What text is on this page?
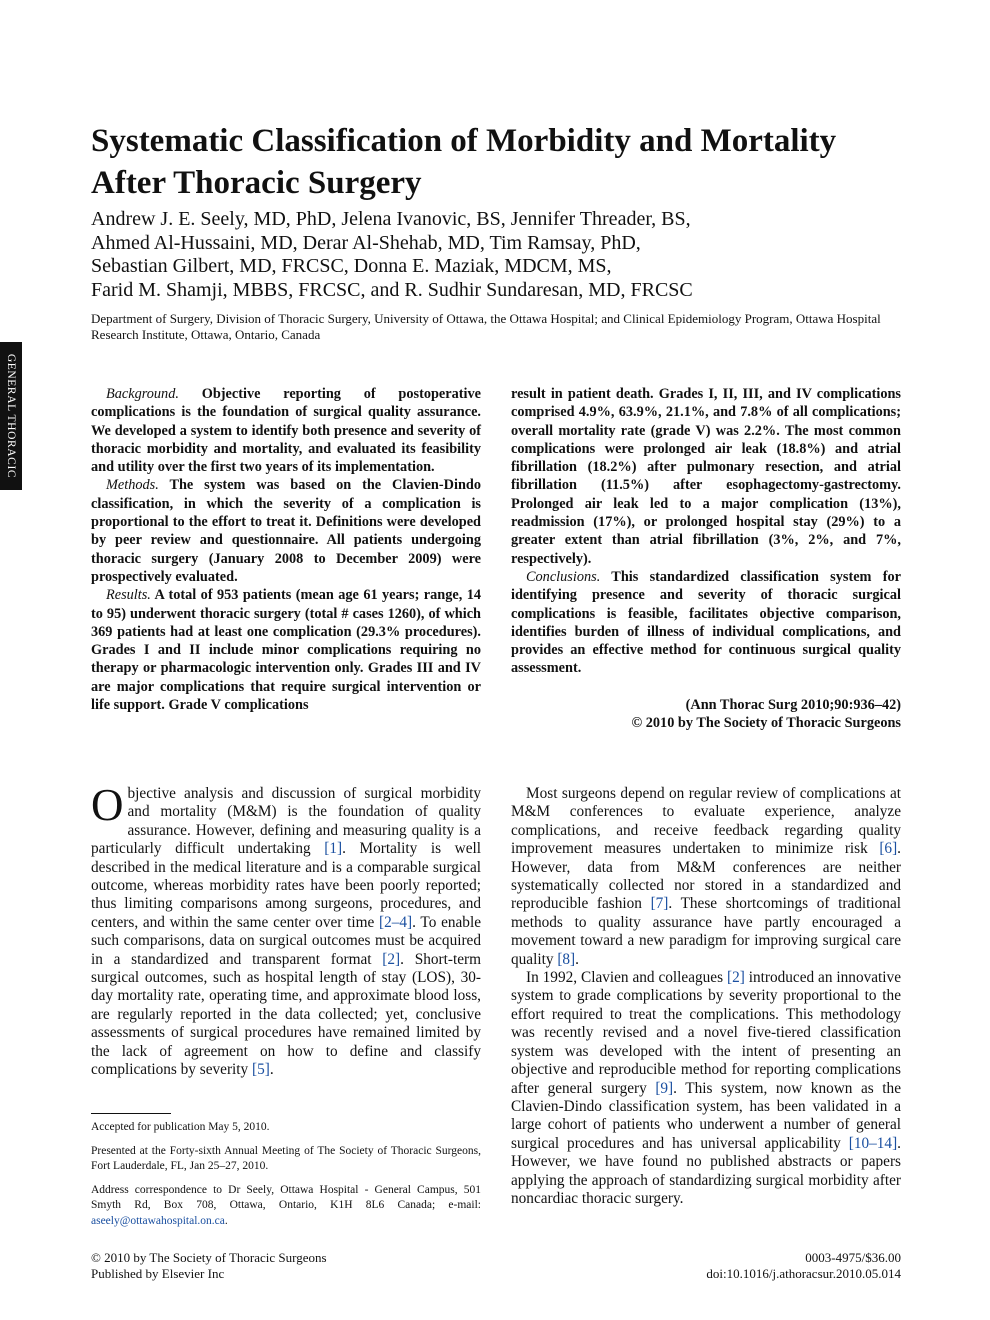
GENERAL THORACIC
Systematic Classification of Morbidity and Mortality After Thoracic Surgery
Andrew J. E. Seely, MD, PhD, Jelena Ivanovic, BS, Jennifer Threader, BS,
Ahmed Al-Hussaini, MD, Derar Al-Shehab, MD, Tim Ramsay, PhD,
Sebastian Gilbert, MD, FRCSC, Donna E. Maziak, MDCM, MS,
Farid M. Shamji, MBBS, FRCSC, and R. Sudhir Sundaresan, MD, FRCSC
Department of Surgery, Division of Thoracic Surgery, University of Ottawa, the Ottawa Hospital; and Clinical Epidemiology Program, Ottawa Hospital Research Institute, Ottawa, Ontario, Canada

Background. Objective reporting of postoperative complications is the foundation of surgical quality assurance. We developed a system to identify both presence and severity of thoracic morbidity and mortality, and evaluated its feasibility and utility over the first two years of its implementation.

Methods. The system was based on the Clavien-Dindo classification, in which the severity of a complication is proportional to the effort to treat it. Definitions were developed by peer review and questionnaire. All patients undergoing thoracic surgery (January 2008 to December 2009) were prospectively evaluated.

Results. A total of 953 patients (mean age 61 years; range, 14 to 95) underwent thoracic surgery (total # cases 1260), of which 369 patients had at least one complication (29.3% procedures). Grades I and II include minor complications requiring no therapy or pharmacologic intervention only. Grades III and IV are major complications that require surgical intervention or life support. Grade V complications

result in patient death. Grades I, II, III, and IV complications comprised 4.9%, 63.9%, 21.1%, and 7.8% of all complications; overall mortality rate (grade V) was 2.2%. The most common complications were prolonged air leak (18.8%) and atrial fibrillation (18.2%) after pulmonary resection, and atrial fibrillation (11.5%) after esophagectomy-gastrectomy. Prolonged air leak led to a major complication (13%), readmission (17%), or prolonged hospital stay (29%) to a greater extent than atrial fibrillation (3%, 2%, and 7%, respectively).

Conclusions. This standardized classification system for identifying presence and severity of thoracic surgical complications is feasible, facilitates objective comparison, identifies burden of illness of individual complications, and provides an effective method for continuous surgical quality assessment.

(Ann Thorac Surg 2010;90:936–42)
© 2010 by The Society of Thoracic Surgeons

Objective analysis and discussion of surgical morbidity and mortality (M&M) is the foundation of quality assurance. However, defining and measuring quality is a particularly difficult undertaking [1]. Mortality is well described in the medical literature and is a comparable surgical outcome, whereas morbidity rates have been poorly reported; thus limiting comparisons among surgeons, procedures, and centers, and within the same center over time [2–4]. To enable such comparisons, data on surgical outcomes must be acquired in a standardized and transparent format [2]. Short-term surgical outcomes, such as hospital length of stay (LOS), 30-day mortality rate, operating time, and approximate blood loss, are regularly reported in the data collected; yet, conclusive assessments of surgical procedures have remained limited by the lack of agreement on how to define and classify complications by severity [5].

Most surgeons depend on regular review of complications at M&M conferences to evaluate experience, analyze complications, and receive feedback regarding quality improvement measures undertaken to minimize risk [6]. However, data from M&M conferences are neither systematically collected nor stored in a standardized and reproducible fashion [7]. These shortcomings of traditional methods to quality assurance have partly encouraged a movement toward a new paradigm for improving surgical care quality [8].

In 1992, Clavien and colleagues [2] introduced an innovative system to grade complications by severity proportional to the effort required to treat the complications. This methodology was recently revised and a novel five-tiered classification system was developed with the intent of presenting an objective and reproducible method for reporting complications after general surgery [9]. This system, now known as the Clavien-Dindo classification system, has been validated in a large cohort of patients who underwent a number of general surgical procedures and has universal applicability [10–14]. However, we have found no published abstracts or papers applying the approach of standardizing surgical morbidity after noncardiac thoracic surgery.

Accepted for publication May 5, 2010.

Presented at the Forty-sixth Annual Meeting of The Society of Thoracic Surgeons, Fort Lauderdale, FL, Jan 25–27, 2010.

Address correspondence to Dr Seely, Ottawa Hospital - General Campus, 501 Smyth Rd, Box 708, Ottawa, Ontario, K1H 8L6 Canada; e-mail: aseely@ottawahospital.on.ca.

© 2010 by The Society of Thoracic Surgeons
Published by Elsevier Inc
0003-4975/$36.00
doi:10.1016/j.athoracsur.2010.05.014
